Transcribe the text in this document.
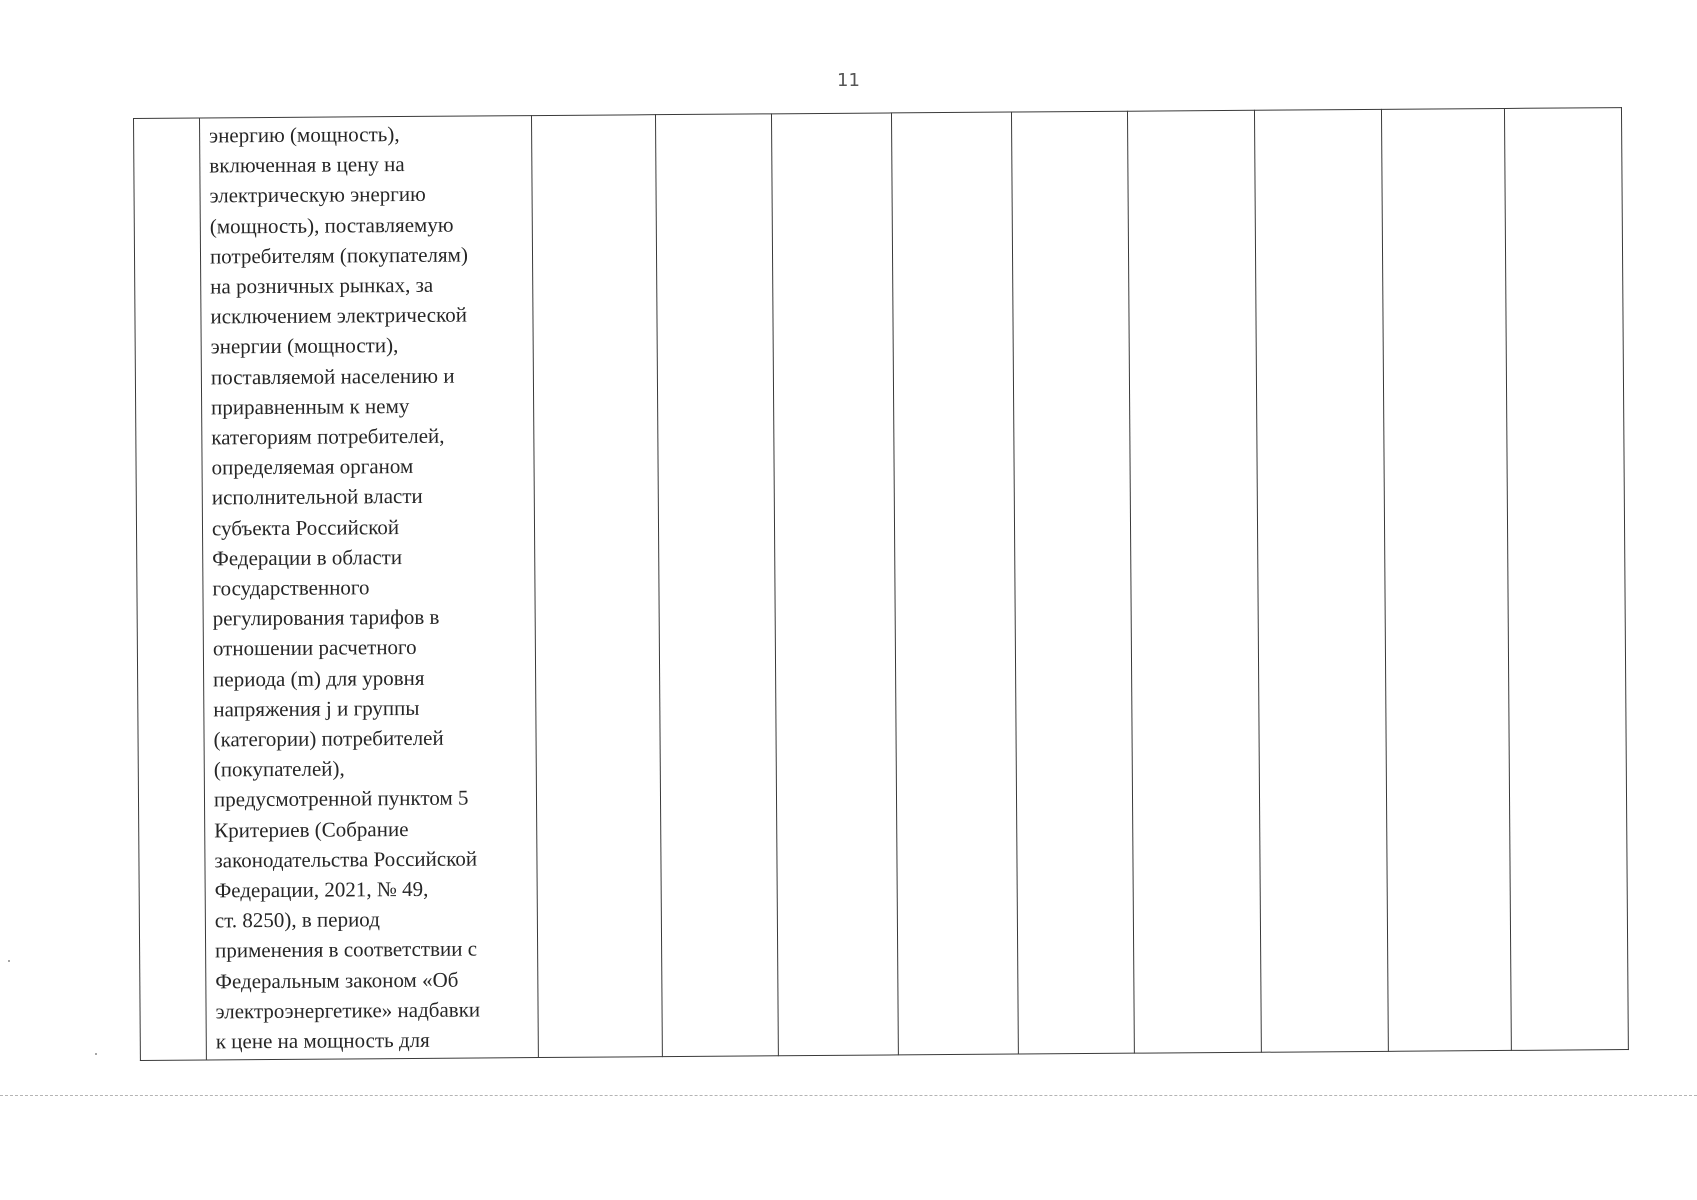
11

энергию (мощность),
включенная в цену на
электрическую энергию
(мощность), поставляемую
потребителям (покупателям)
на розничных рынках, за
исключением электрической
энергии (мощности),
поставляемой населению и
приравненным к нему
категориям потребителей,
определяемая органом
исполнительной власти
субъекта Российской
Федерации в области
государственного
регулирования тарифов в
отношении расчетного
периода (m) для уровня
напряжения j и группы
(категории) потребителей
(покупателей),
предусмотренной пунктом 5
Критериев (Собрание
законодательства Российской
Федерации, 2021, № 49,
ст. 8250), в период
применения в соответствии с
Федеральным законом «Об
электроэнергетике» надбавки
к цене на мощность для
